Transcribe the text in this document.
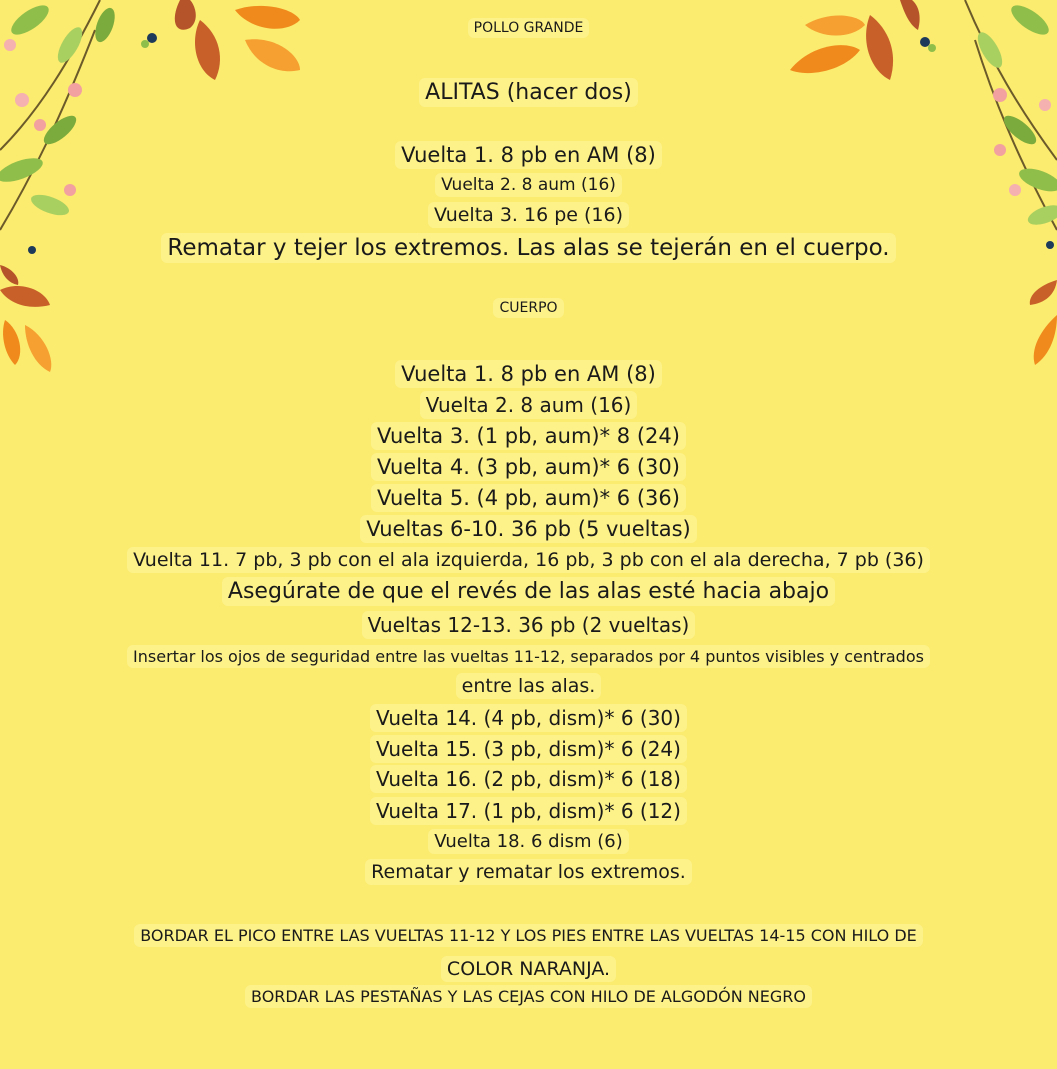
POLLO GRANDE
ALITAS (hacer dos)
Vuelta 1. 8 pb en AM (8)
Vuelta 2. 8 aum (16)
Vuelta 3. 16 pe (16)
Rematar y tejer los extremos. Las alas se tejerán en el cuerpo.
CUERPO
Vuelta 1. 8 pb en AM (8)
Vuelta 2. 8 aum (16)
Vuelta 3. (1 pb, aum)* 8 (24)
Vuelta 4. (3 pb, aum)* 6 (30)
Vuelta 5. (4 pb, aum)* 6 (36)
Vueltas 6-10. 36 pb (5 vueltas)
Vuelta 11. 7 pb, 3 pb con el ala izquierda, 16 pb, 3 pb con el ala derecha, 7 pb (36)
Asegúrate de que el revés de las alas esté hacia abajo
Vueltas 12-13. 36 pb (2 vueltas)
Insertar los ojos de seguridad entre las vueltas 11-12, separados por 4 puntos visibles y centrados
entre las alas.
Vuelta 14. (4 pb, dism)* 6 (30)
Vuelta 15. (3 pb, dism)* 6 (24)
Vuelta 16. (2 pb, dism)* 6 (18)
Vuelta 17. (1 pb, dism)* 6 (12)
Vuelta 18. 6 dism (6)
Rematar y rematar los extremos.
BORDAR EL PICO ENTRE LAS VUELTAS 11-12 Y LOS PIES ENTRE LAS VUELTAS 14-15 CON HILO DE
COLOR NARANJA.
BORDAR LAS PESTAÑAS Y LAS CEJAS CON HILO DE ALGODÓN NEGRO
